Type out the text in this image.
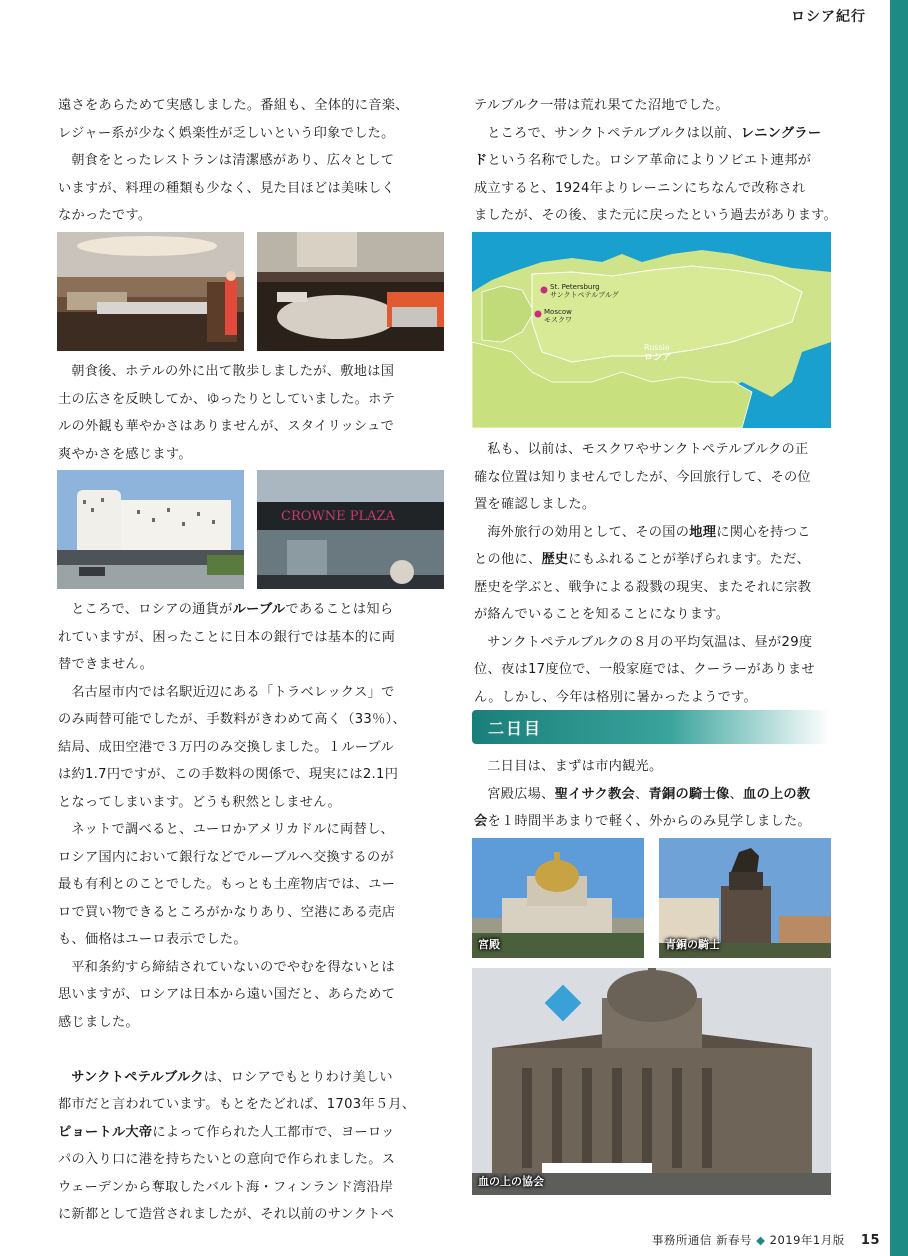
ロシア紀行

遠さをあらためて実感しました。番組も、全体的に音楽、

レジャー系が少なく娯楽性が乏しいという印象でした。

朝食をとったレストランは清潔感があり、広々として

いますが、料理の種類も少なく、見た目ほどは美味しく

なかったです。

朝食後、ホテルの外に出て散歩しましたが、敷地は国

土の広さを反映してか、ゆったりとしていました。ホテ

ルの外観も華やかさはありませんが、スタイリッシュで

爽やかさを感じます。

CROWNE PLAZA

ところで、ロシアの通貨がルーブルであることは知ら

れていますが、困ったことに日本の銀行では基本的に両

替できません。

名古屋市内では名駅近辺にある「トラベレックス」で

のみ両替可能でしたが、手数料がきわめて高く（33％）、

結局、成田空港で３万円のみ交換しました。１ルーブル

は約1.7円ですが、この手数料の関係で、現実には2.1円

となってしまいます。どうも釈然としません。

ネットで調べると、ユーロかアメリカドルに両替し、

ロシア国内において銀行などでルーブルへ交換するのが

最も有利とのことでした。もっとも土産物店では、ユー

ロで買い物できるところがかなりあり、空港にある売店

も、価格はユーロ表示でした。

平和条約すら締結されていないのでやむを得ないとは

思いますが、ロシアは日本から遠い国だと、あらためて

感じました。

サンクトペテルブルクは、ロシアでもとりわけ美しい

都市だと言われています。もとをたどれば、1703年５月、

ピョートル大帝によって作られた人工都市で、ヨーロッ

パの入り口に港を持ちたいとの意向で作られました。ス

ウェーデンから奪取したバルト海・フィンランド湾沿岸

に新都として造営されましたが、それ以前のサンクトペ

テルブルク一帯は荒れ果てた沼地でした。

ところで、サンクトペテルブルクは以前、レニングラー

ドという名称でした。ロシア革命によりソビエト連邦が

成立すると、1924年よりレーニンにちなんで改称され

ましたが、その後、また元に戻ったという過去があります。

St. Petersburg
サンクトペテルブルグ
Moscow
モスクワ
Russia
ロシア

私も、以前は、モスクワやサンクトペテルブルクの正

確な位置は知りませんでしたが、今回旅行して、その位

置を確認しました。

海外旅行の効用として、その国の地理に関心を持つこ

との他に、歴史にもふれることが挙げられます。ただ、

歴史を学ぶと、戦争による殺戮の現実、またそれに宗教

が絡んでいることを知ることになります。

サンクトペテルブルクの８月の平均気温は、昼が29度

位、夜は17度位で、一般家庭では、クーラーがありませ

ん。しかし、今年は格別に暑かったようです。

二日目

二日目は、まずは市内観光。

宮殿広場、聖イサク教会、青銅の騎士像、血の上の教

会を１時間半あまりで軽く、外からのみ見学しました。

宮殿	青銅の騎士
血の上の協会
事務所通信 新春号 ◆ 2019年1月版 15
